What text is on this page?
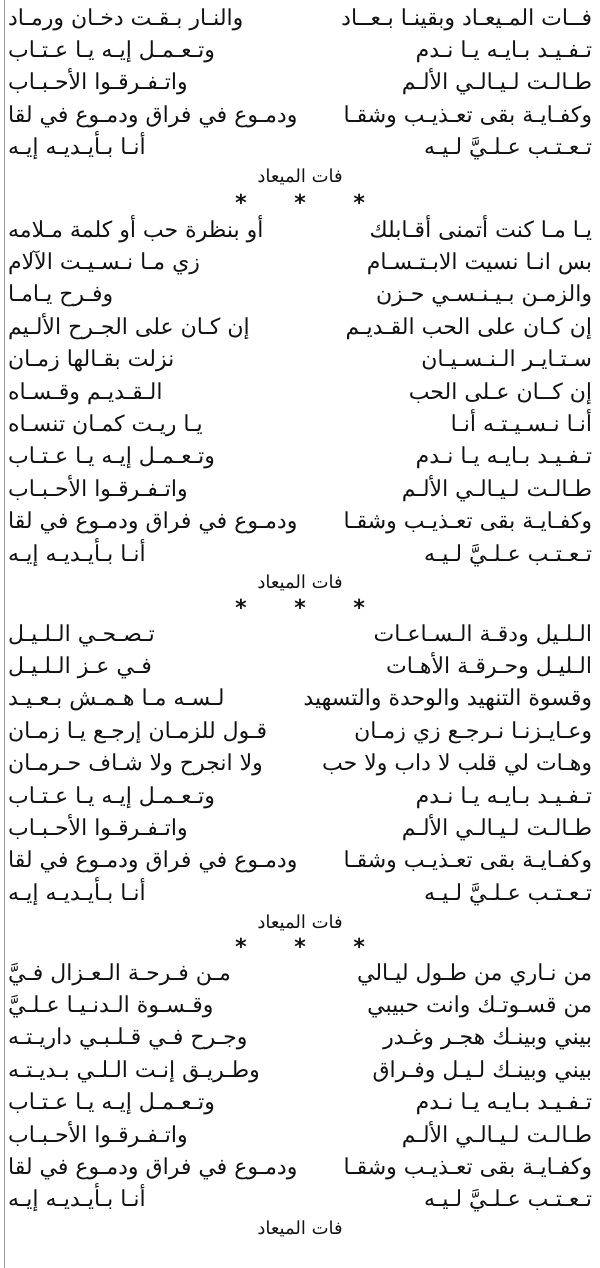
فــات المـيعـاد وبقينـا بـعــاد
والنـار بـقـت دخـان ورمـاد
تـفـيـد بـايـه يـا نـدم
وتـعـمـل إيـه يـا عـتـاب
طـالـت لـيـالـي الألـم
واتـفـرقـوا الأحـبـاب
وكفـايـة بقى تعـذيـب وشقـا
ودمـوع في فراق ودمـوع في لقا
تـعـتـب عـلـيَّ لـيـه
أنـا بـأيـديـه إيـه
فات الميعاد
* * *
يـا مـا كنت أتمنى أقـابلك
أو بنظرة حب أو كلمة مـلامه
بس انـا نسيت الابـتـسـام
زي مـا نـسـيـت الآلام
والزمـن بـيـنـسـي حـزن
وفـرح يـامـا
إن كـان على الحب القـديـم
إن كـان على الجـرح الألـيم
سـتـايـر الـنـسـيـان
نزلت بقـالها زمـان
إن كــان عـلى الحب
الـقـديـم وقـسـاه
أنـا نـسـيـتـه أنـا
يـا ريـت كمـان تنسـاه
تـفـيـد بـايـه يـا نـدم
وتـعـمـل إيـه يـا عـتـاب
طـالـت لـيـالـي الألـم
واتـفـرقـوا الأحـبـاب
وكفـايـة بقى تعـذيـب وشقـا
ودمـوع في فراق ودمـوع في لقا
تـعـتـب عـلـيَّ لـيـه
أنـا بـأيـديـه إيـه
فات الميعاد
* * *
الـلـيل ودقـة الـسـاعـات
تـصـحـي الـلـيـل
الـليـل وحـرقـة الأهـات
فـي عـز الـلـيـل
وقسوة التنهيد والوحدة والتسهيد
لـسـه مـا هـمـش بـعـيـد
وعـايـزنـا نـرجـع زي زمـان
قـول للزمـان إرجـع يـا زمـان
وهـات لي قلب لا داب ولا حب
ولا انجرح ولا شـاف حـرمـان
تـفـيـد بـايـه يـا نـدم
وتـعـمـل إيـه يـا عـتـاب
طـالـت لـيـالـي الألـم
واتـفـرقـوا الأحـبـاب
وكفـايـة بقى تعـذيـب وشقـا
ودمـوع في فراق ودمـوع في لقا
تـعـتـب عـلـيَّ لـيـه
أنـا بـأيـديـه إيـه
فات الميعاد
* * *
من نـاري من طـول ليـالي
مـن فـرحـة الـعـزال فـيَّ
من قسـوتـك وانت حبيبي
وقـسـوة الـدنـيـا عـلـيَّ
بيني وبينـك هجـر وغـدر
وجـرح فـي قـلـبـي داريـتـه
بيني وبينـك لـيـل وفـراق
وطـريـق إنـت الـلـي بـديـتـه
تـفـيـد بـايـه يـا نـدم
وتـعـمـل إيـه يـا عـتـاب
طـالـت لـيـالـي الألـم
واتـفـرقـوا الأحـبـاب
وكفـايـة بقى تعـذيـب وشقـا
ودمـوع في فراق ودمـوع في لقا
تـعـتـب عـلـيَّ لـيـه
أنـا بـأيـديـه إيـه
فات الميعاد
